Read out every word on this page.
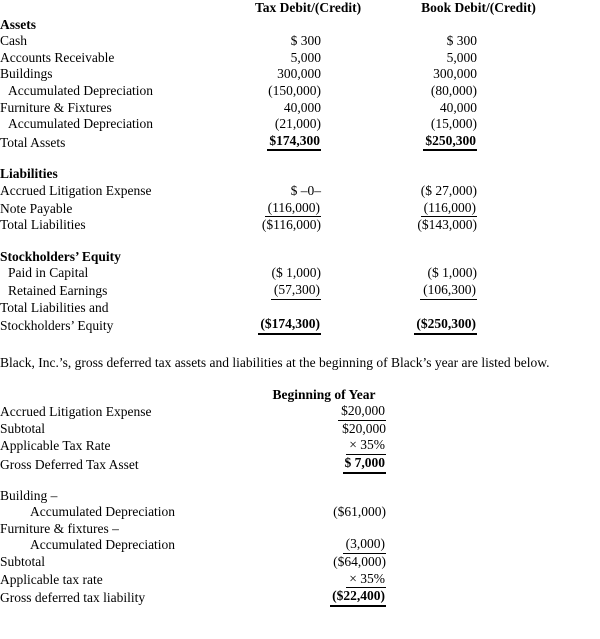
	Tax Debit/(Credit)		Book Debit/(Credit)	
Assets				
Cash	$ 300		$ 300	
Accounts Receivable	5,000		5,000	
Buildings	300,000		300,000	
Accumulated Depreciation	(150,000)		(80,000)	
Furniture & Fixtures	40,000		40,000	
Accumulated Depreciation	(21,000)		(15,000)	
Total Assets	$174,300		$250,300	

Liabilities				
Accrued Litigation Expense	$ –0–		($ 27,000)	
Note Payable	(116,000)		(116,000)	
Total Liabilities	($116,000)		($143,000)	

Stockholders’ Equity				
Paid in Capital	($ 1,000)		($ 1,000)	
Retained Earnings	(57,300)		(106,300)	
Total Liabilities and				
Stockholders’ Equity	($174,300)		($250,300)	

Black, Inc.’s, gross deferred tax assets and liabilities at the beginning of Black’s year are listed below.

	Beginning of Year	
Accrued Litigation Expense	$20,000	
Subtotal	$20,000	
Applicable Tax Rate	× 35%	
Gross Deferred Tax Asset	$ 7,000	
Building –	($61,000)	
Accumulated Depreciation		
Furniture & fixtures –	(3,000)	
Accumulated Depreciation		
Subtotal	($64,000)	
Applicable tax rate	× 35%	
Gross deferred tax liability	($22,400)	
